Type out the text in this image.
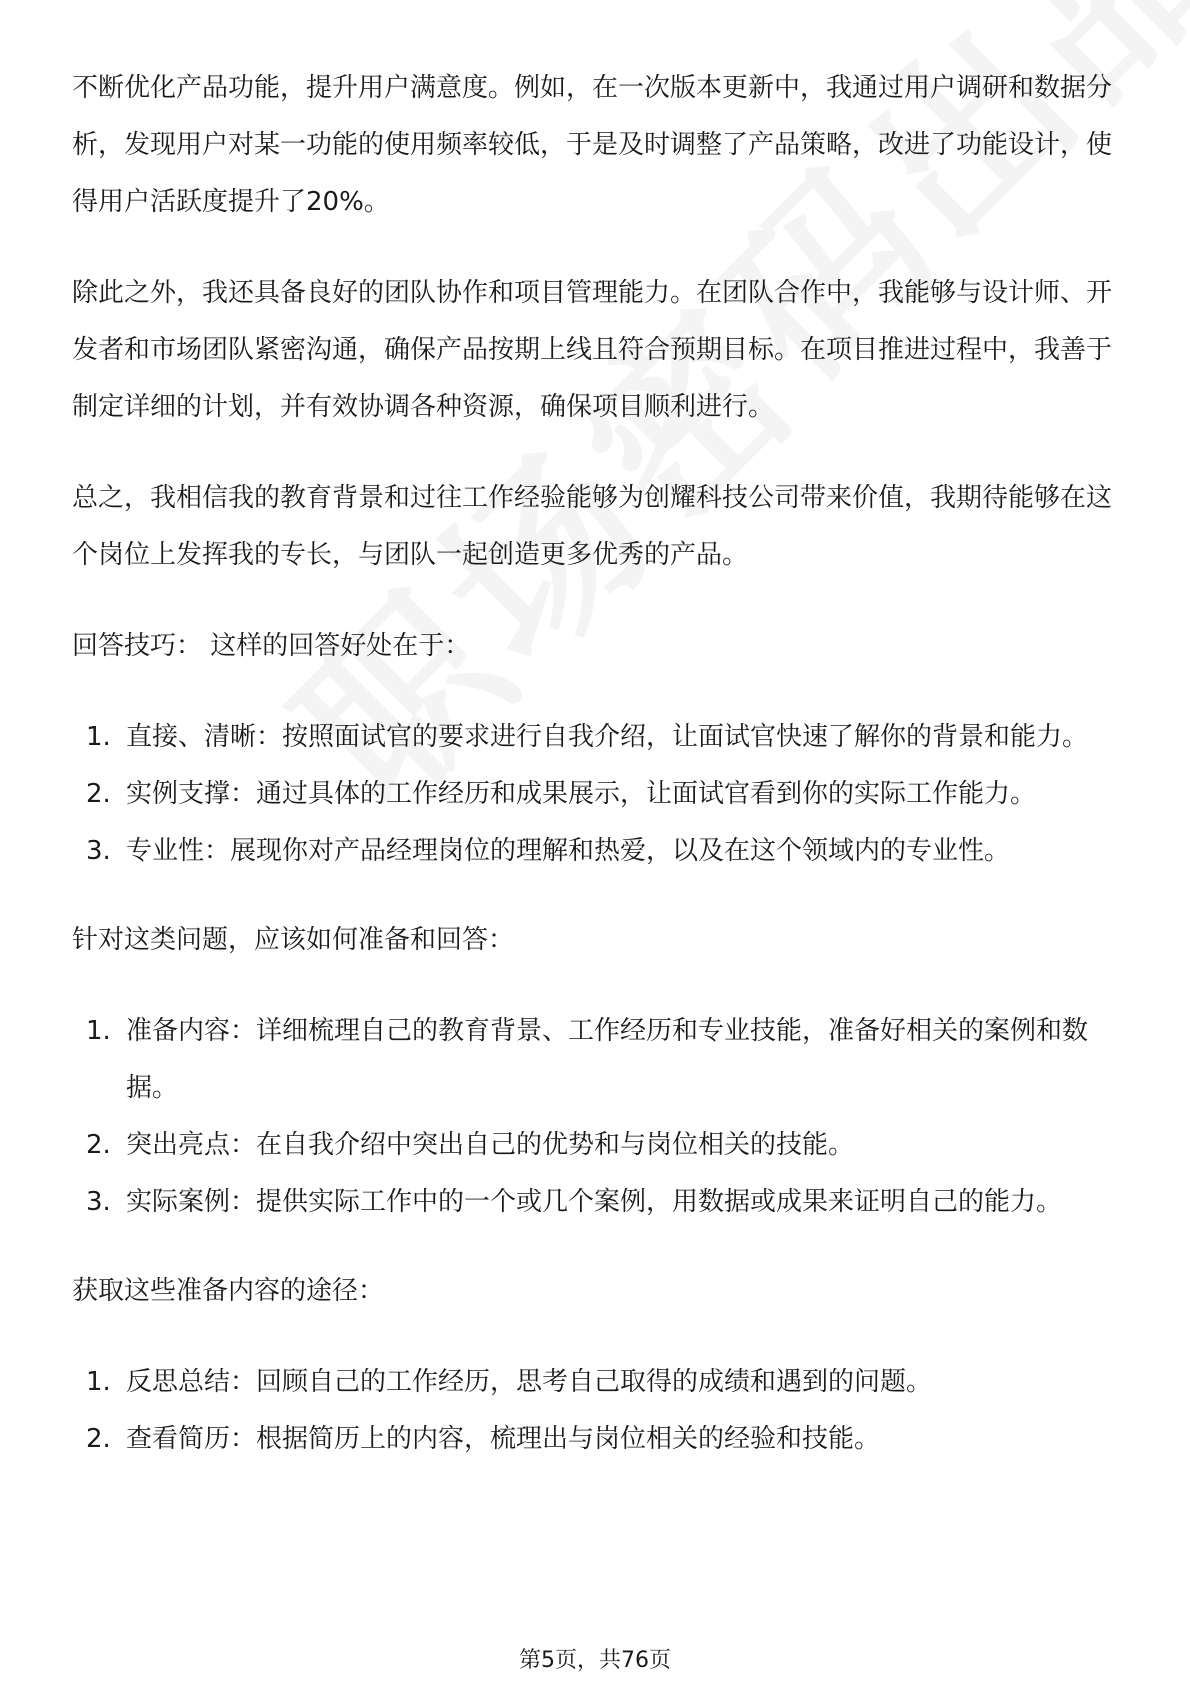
不断优化产品功能，提升用户满意度。例如，在一次版本更新中，我通过用户调研和数据分析，发现用户对某一功能的使用频率较低，于是及时调整了产品策略，改进了功能设计，使得用户活跃度提升了20%。

除此之外，我还具备良好的团队协作和项目管理能力。在团队合作中，我能够与设计师、开发者和市场团队紧密沟通，确保产品按期上线且符合预期目标。在项目推进过程中，我善于制定详细的计划，并有效协调各种资源，确保项目顺利进行。

总之，我相信我的教育背景和过往工作经验能够为创耀科技公司带来价值，我期待能够在这个岗位上发挥我的专长，与团队一起创造更多优秀的产品。

回答技巧： 这样的回答好处在于：

1. 直接、清晰：按照面试官的要求进行自我介绍，让面试官快速了解你的背景和能力。
2. 实例支撑：通过具体的工作经历和成果展示，让面试官看到你的实际工作能力。
3. 专业性：展现你对产品经理岗位的理解和热爱，以及在这个领域内的专业性。

针对这类问题，应该如何准备和回答：

1. 准备内容：详细梳理自己的教育背景、工作经历和专业技能，准备好相关的案例和数据。
2. 突出亮点：在自我介绍中突出自己的优势和与岗位相关的技能。
3. 实际案例：提供实际工作中的一个或几个案例，用数据或成果来证明自己的能力。

获取这些准备内容的途径：

1. 反思总结：回顾自己的工作经历，思考自己取得的成绩和遇到的问题。
2. 查看简历：根据简历上的内容，梳理出与岗位相关的经验和技能。
第5页，共76页
